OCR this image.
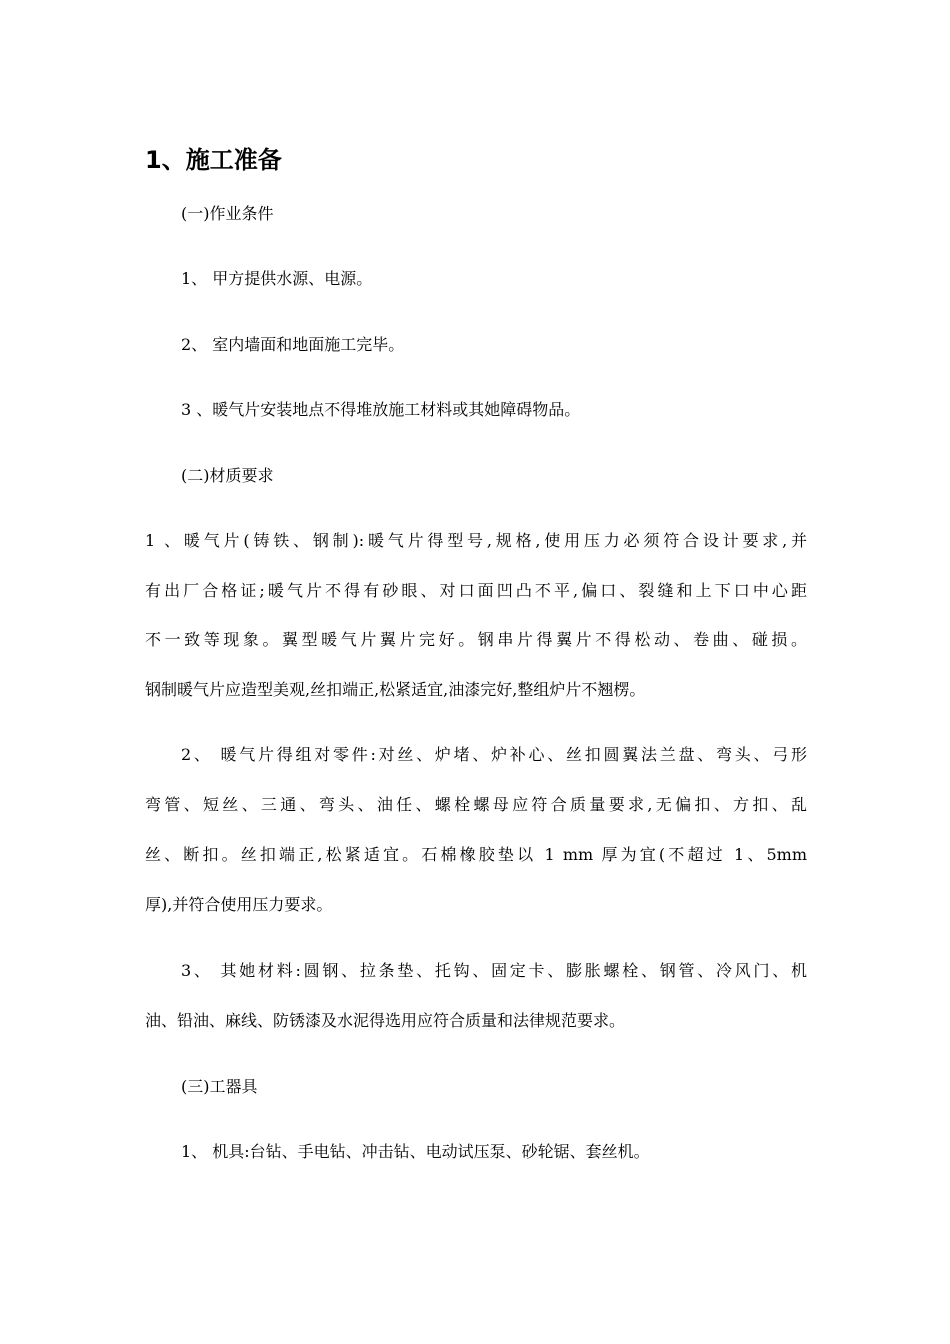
1、施工准备
(一)作业条件
1、 甲方提供水源、电源。
2、 室内墙面和地面施工完毕。
3 、暖气片安装地点不得堆放施工材料或其她障碍物品。
(二)材质要求
1 、暖气片(铸铁、钢制):暖气片得型号,规格,使用压力必须符合设计要求,并
有出厂合格证;暖气片不得有砂眼、对口面凹凸不平,偏口、裂缝和上下口中心距
不一致等现象。翼型暖气片翼片完好。钢串片得翼片不得松动、卷曲、碰损。
钢制暖气片应造型美观,丝扣端正,松紧适宜,油漆完好,整组炉片不翘楞。
2、 暖气片得组对零件:对丝、炉堵、炉补心、丝扣圆翼法兰盘、弯头、弓形
弯管、短丝、三通、弯头、油任、螺栓螺母应符合质量要求,无偏扣、方扣、乱
丝、断扣。丝扣端正,松紧适宜。石棉橡胶垫以 1 mm 厚为宜(不超过 1、5mm
厚),并符合使用压力要求。
3、 其她材料:圆钢、拉条垫、托钩、固定卡、膨胀螺栓、钢管、冷风门、机
油、铅油、麻线、防锈漆及水泥得选用应符合质量和法律规范要求。
(三)工器具
1、 机具:台钻、手电钻、冲击钻、电动试压泵、砂轮锯、套丝机。
